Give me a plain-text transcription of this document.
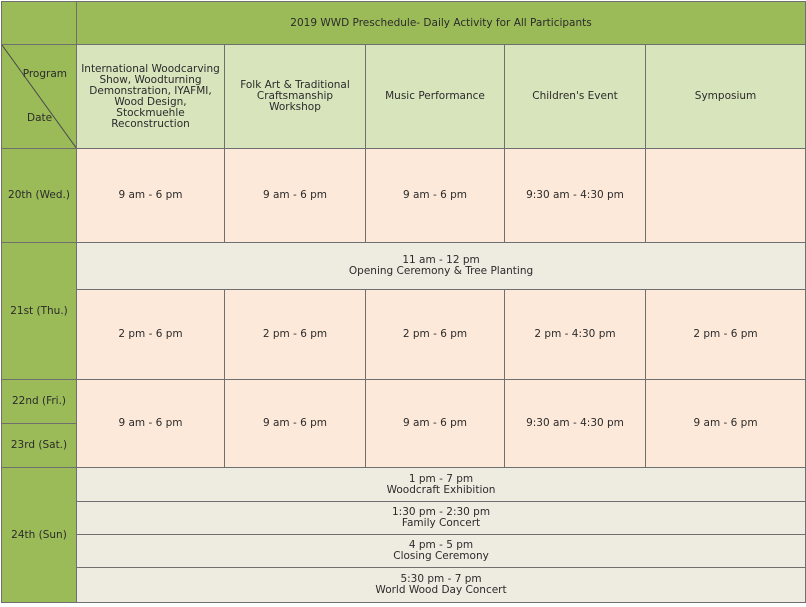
	2019 WWD Preschedule- Daily Activity for All Participants				

Program
Date	International Woodcarving Show, Woodturning Demonstration, IYAFMI, Wood Design, Stockmuehle Reconstruction	Folk Art & Traditional Craftsmanship Workshop	Music Performance	Children's Event	Symposium
20th (Wed.)	9 am - 6 pm	9 am - 6 pm	9 am - 6 pm	9:30 am - 4:30 pm	
21st (Thu.)	11 am - 12 pm
Opening Ceremony & Tree Planting				

	2 pm - 6 pm	2 pm - 6 pm	2 pm - 6 pm	2 pm - 4:30 pm	2 pm - 6 pm
22nd (Fri.)	9 am - 6 pm	9 am - 6 pm	9 am - 6 pm	9:30 am - 4:30 pm	9 am - 6 pm
23rd (Sat.)					
24th (Sun)	1 pm - 7 pm
Woodcraft Exhibition				

	1:30 pm - 2:30 pm
Family Concert				

	4 pm - 5 pm
Closing Ceremony				

	5:30 pm - 7 pm
World Wood Day Concert				
